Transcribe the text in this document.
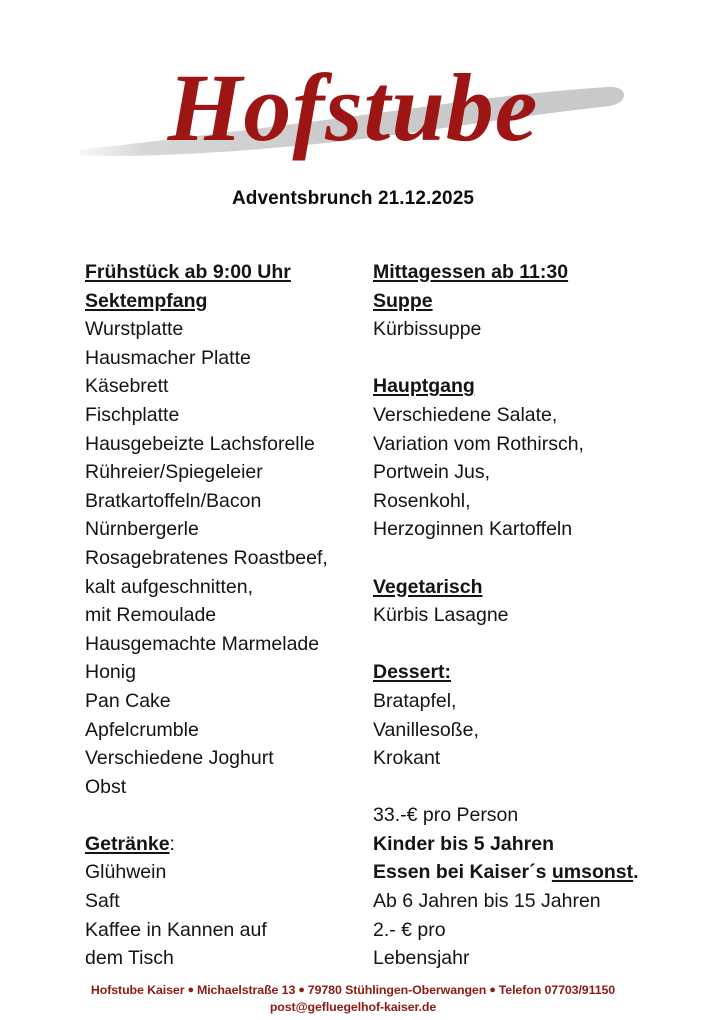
Hofstube
Adventsbrunch 21.12.2025
Frühstück ab 9:00 Uhr
Sektempfang
Wurstplatte
Hausmacher Platte
Käsebrett
Fischplatte
Hausgebeizte Lachsforelle
Rühreier/Spiegeleier
Bratkartoffeln/Bacon
Nürnbergerle
Rosagebratenes Roastbeef,
kalt aufgeschnitten,
mit Remoulade
Hausgemachte Marmelade
Honig
Pan Cake
Apfelcrumble
Verschiedene Joghurt
Obst

Getränke:
Glühwein
Saft
Kaffee in Kannen auf
dem Tisch
Mittagessen ab 11:30
Suppe
Kürbissuppe

Hauptgang
Verschiedene Salate,
Variation vom Rothirsch,
Portwein Jus,
Rosenkohl,
Herzoginnen Kartoffeln

Vegetarisch
Kürbis Lasagne

Dessert:
Bratapfel,
Vanillesoße,
Krokant

33.-€ pro Person
Kinder bis 5 Jahren
Essen bei Kaiser´s umsonst.
Ab 6 Jahren bis 15 Jahren
2.- € pro
Lebensjahr
Hofstube Kaiser ● Michaelstraße 13 ● 79780 Stühlingen-Oberwangen ● Telefon 07703/91150
post@gefluegelhof-kaiser.de
